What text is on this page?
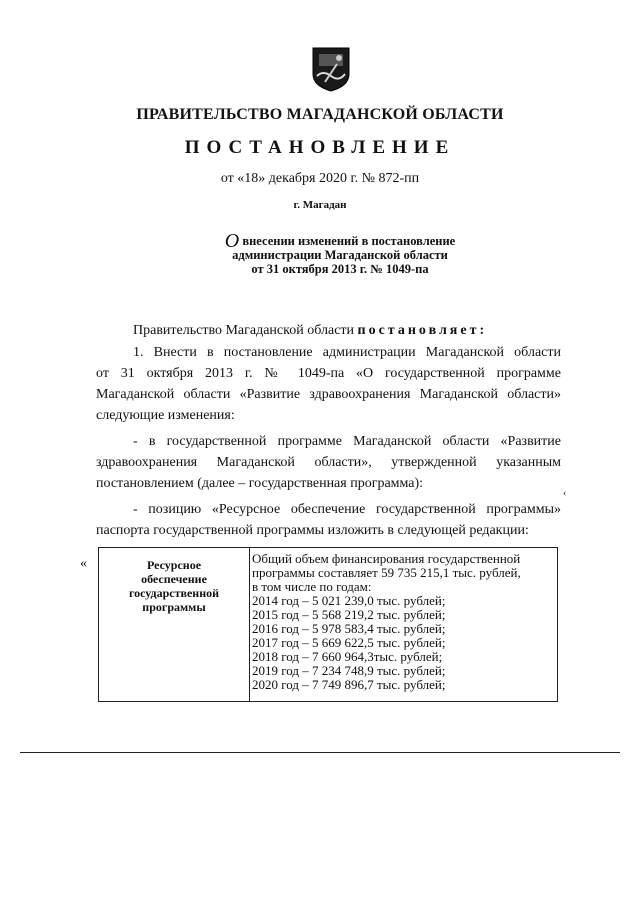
ПРАВИТЕЛЬСТВО МАГАДАНСКОЙ ОБЛАСТИ
ПОСТАНОВЛЕНИЕ
от «18» декабря 2020 г. № 872-пп
г. Магадан
О внесении изменений в постановление
администрации Магаданской области
от 31 октября 2013 г. № 1049-па
Правительство Магаданской области постановляет:
1. Внести в постановление администрации Магаданской области
от 31 октября 2013 г. № 1049-па «О государственной программе
Магаданской области «Развитие здравоохранения Магаданской области»
следующие изменения:
- в государственной программе Магаданской области «Развитие
здравоохранения Магаданской области», утвержденной указанным
постановлением (далее – государственная программа):
- позицию «Ресурсное обеспечение государственной программы»
паспорта государственной программы изложить в следующей редакции:
‹
«	Ресурсное
обеспечение
государственной
программы
Общий объем финансирования государственной
программы составляет 59 735 215,1 тыс. рублей,
в том числе по годам:
2014 год – 5 021 239,0 тыс. рублей;
2015 год – 5 568 219,2 тыс. рублей;
2016 год – 5 978 583,4 тыс. рублей;
2017 год – 5 669 622,5 тыс. рублей;
2018 год – 7 660 964,3тыс. рублей;
2019 год – 7 234 748,9 тыс. рублей;
2020 год – 7 749 896,7 тыс. рублей;
